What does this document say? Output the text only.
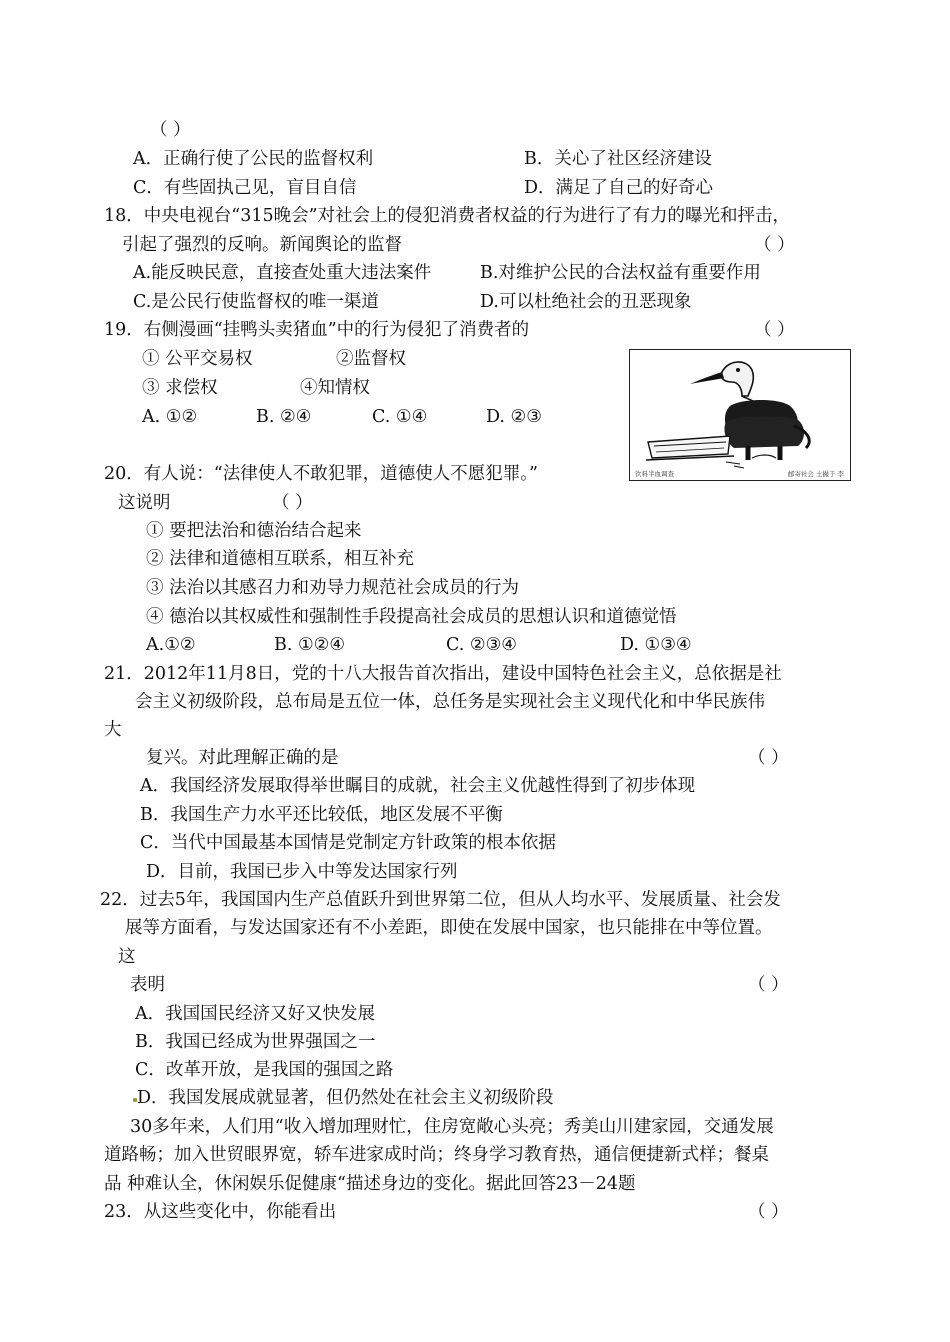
（ ）
A．正确行使了公民的监督权利	B．关心了社区经济建设
C．有些固执己见，盲目自信	D．满足了自己的好奇心
18．中央电视台“315晚会”对社会上的侵犯消费者权益的行为进行了有力的曝光和抨击，
引起了强烈的反响。新闻舆论的监督	（ ）
A.能反映民意，直接查处重大违法案件	B.对维护公民的合法权益有重要作用
C.是公民行使监督权的唯一渠道	D.可以杜绝社会的丑恶现象
19．右侧漫画“挂鸭头卖猪血”中的行为侵犯了消费者的	（ ）
① 公平交易权	②监督权
③ 求偿权	④知情权
A. ①②	B. ②④	C. ①④	D. ②③
饮料半血调查	邮寄社会 土撮于 李
20．有人说：“法律使人不敢犯罪，道德使人不愿犯罪。”
这说明	（ ）
① 要把法治和德治结合起来
② 法律和道德相互联系，相互补充
③ 法治以其感召力和劝导力规范社会成员的行为
④ 德治以其权威性和强制性手段提高社会成员的思想认识和道德觉悟
A.①②	B. ①②④	C. ②③④	D. ①③④
21．2012年11月8日，党的十八大报告首次指出，建设中国特色社会主义，总依据是社
会主义初级阶段，总布局是五位一体，总任务是实现社会主义现代化和中华民族伟
大
复兴。对此理解正确的是	（ ）
A．我国经济发展取得举世瞩目的成就，社会主义优越性得到了初步体现
B．我国生产力水平还比较低，地区发展不平衡
C．当代中国最基本国情是党制定方针政策的根本依据
D．目前，我国已步入中等发达国家行列
22．过去5年，我国国内生产总值跃升到世界第二位，但从人均水平、发展质量、社会发
展等方面看，与发达国家还有不小差距，即使在发展中国家，也只能排在中等位置。
这
表明	（ ）
A．我国国民经济又好又快发展
B．我国已经成为世界强国之一
C．改革开放，是我国的强国之路
D．我国发展成就显著，但仍然处在社会主义初级阶段
30多年来，人们用“收入增加理财忙，住房宽敞心头亮；秀美山川建家园，交通发展
道路畅；加入世贸眼界宽，轿车进家成时尚；终身学习教育热，通信便捷新式样；餐桌
品 种难认全，休闲娱乐促健康“描述身边的变化。据此回答23－24题
23．从这些变化中，你能看出	（ ）
